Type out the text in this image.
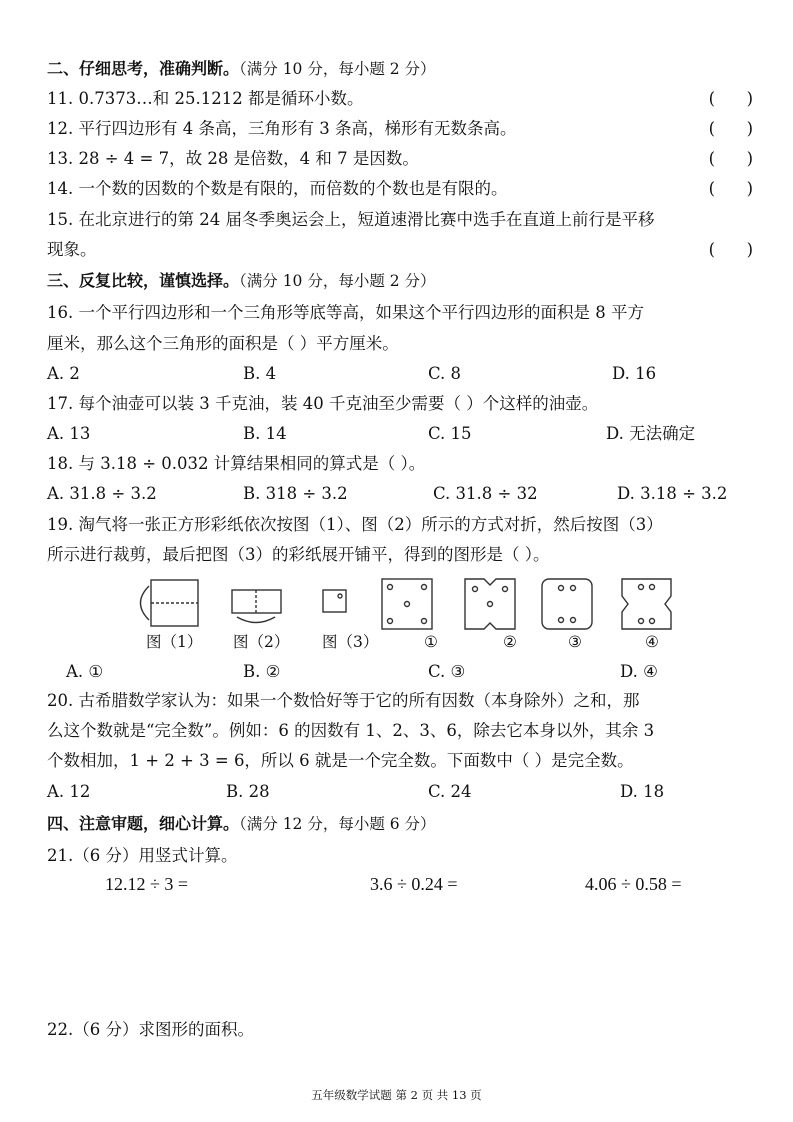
二、仔细思考，准确判断。（满分 10 分，每小题 2 分）
11. 0.7373…和 25.1212 都是循环小数。	(      )
12. 平行四边形有 4 条高，三角形有 3 条高，梯形有无数条高。	(      )
13. 28 ÷ 4 = 7，故 28 是倍数，4 和 7 是因数。	(      )
14. 一个数的因数的个数是有限的，而倍数的个数也是有限的。	(      )
15. 在北京进行的第 24 届冬季奥运会上，短道速滑比赛中选手在直道上前行是平移
现象。	(      )
三、反复比较，谨慎选择。（满分 10 分，每小题 2 分）
16. 一个平行四边形和一个三角形等底等高，如果这个平行四边形的面积是 8 平方
厘米，那么这个三角形的面积是（ ）平方厘米。
A. 2	B. 4	C. 8	D. 16
17. 每个油壶可以装 3 千克油，装 40 千克油至少需要（ ）个这样的油壶。
A. 13	B. 14	C. 15	D. 无法确定
18. 与 3.18 ÷ 0.032 计算结果相同的算式是（ ）。
A. 31.8 ÷ 3.2	B. 318 ÷ 3.2	C. 31.8 ÷ 32	D. 3.18 ÷ 3.2
19. 淘气将一张正方形彩纸依次按图（1）、图（2）所示的方式对折，然后按图（3）
所示进行裁剪，最后把图（3）的彩纸展开铺平，得到的图形是（ ）。
图（1） 图（2） 图（3）	①	②	③	④
A. ①	B. ②	C. ③	D. ④
20. 古希腊数学家认为：如果一个数恰好等于它的所有因数（本身除外）之和，那
么这个数就是“完全数”。例如：6 的因数有 1、2、3、6，除去它本身以外，其余 3
个数相加，1 + 2 + 3 = 6，所以 6 就是一个完全数。下面数中（ ）是完全数。
A. 12	B. 28	C. 24	D. 18
四、注意审题，细心计算。（满分 12 分，每小题 6 分）
21.（6 分）用竖式计算。
12.12 ÷ 3 =	3.6 ÷ 0.24 =	4.06 ÷ 0.58 =
22.（6 分）求图形的面积。
五年级数学试题 第 2 页 共 13 页
